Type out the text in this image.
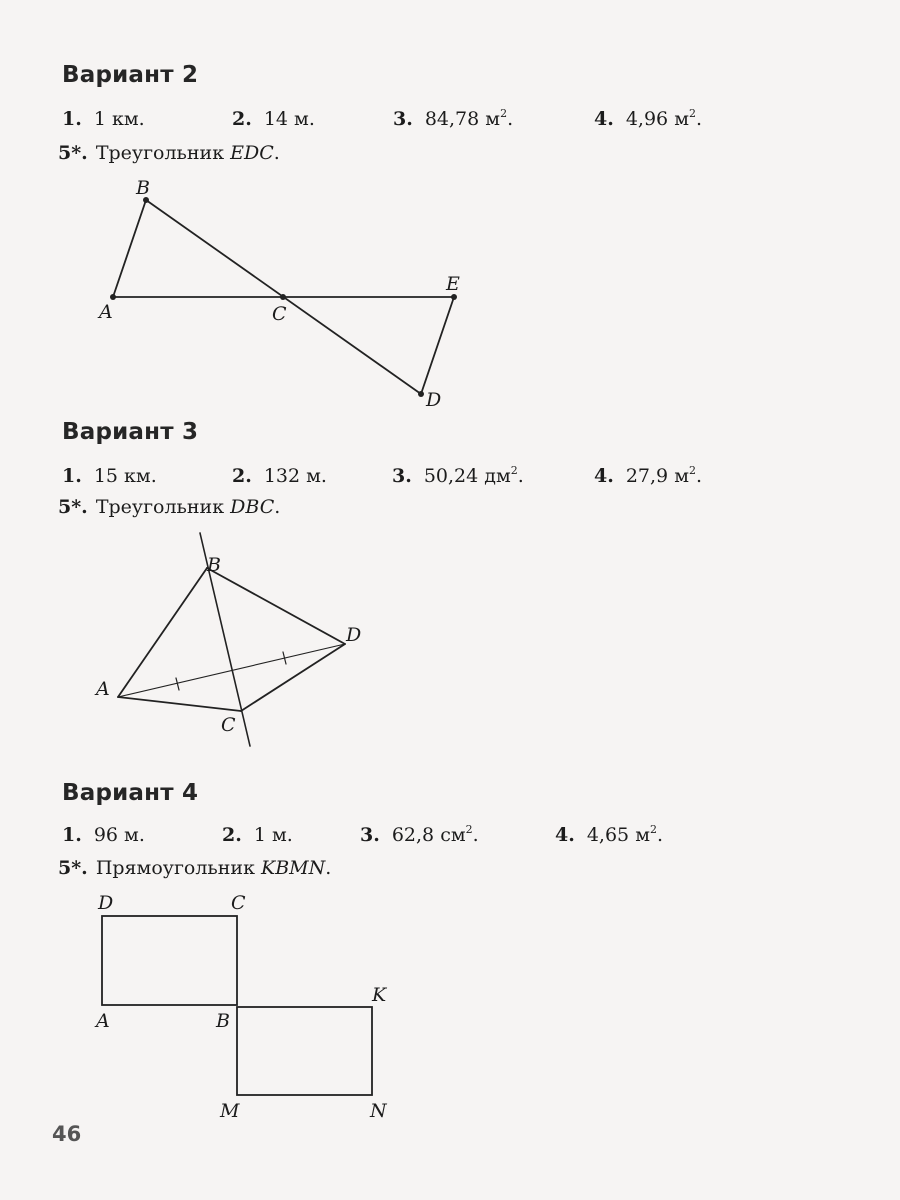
Вариант 2
1. 1 км.	2. 14 м.	3. 84,78 $м^2$.	4. 4,96 $м^2$.
5*. Треугольник EDC.
A
B
C
E
D
Вариант 3
1. 15 км.	2. 132 м.	3. 50,24 $дм^2$.	4. 27,9 $м^2$.
5*. Треугольник DBC.
A
B
C
D
Вариант 4
1. 96 м.	2. 1 м.	3. 62,8 $см^2$.	4. 4,65 $м^2$.
5*. Прямоугольник KBMN.
D	C
A	B
K
M	N
46
